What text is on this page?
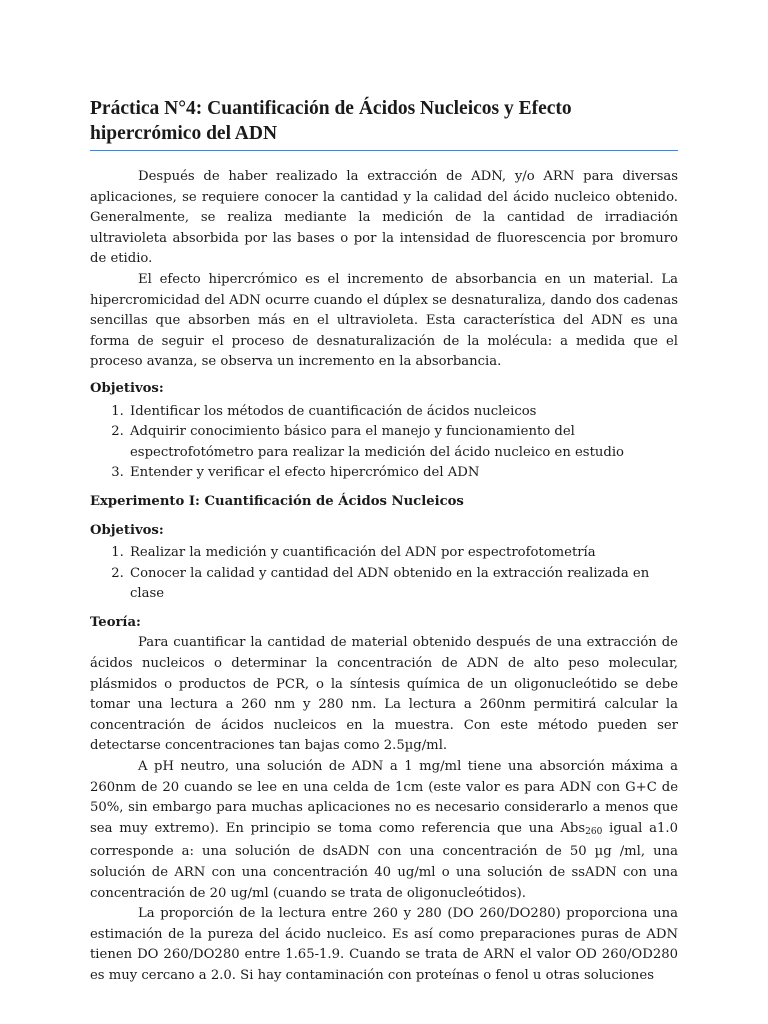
Práctica N°4: Cuantificación de Ácidos Nucleicos y Efecto hipercrómico del ADN

Después de haber realizado la extracción de ADN, y/o ARN para diversas aplicaciones, se requiere conocer la cantidad y la calidad del ácido nucleico obtenido. Generalmente, se realiza mediante la medición de la cantidad de irradiación ultravioleta absorbida por las bases o por la intensidad de fluorescencia por bromuro de etidio.

El efecto hipercrómico es el incremento de absorbancia en un material. La hipercromicidad del ADN ocurre cuando el dúplex se desnaturaliza, dando dos cadenas sencillas que absorben más en el ultravioleta. Esta característica del ADN es una forma de seguir el proceso de desnaturalización de la molécula: a medida que el proceso avanza, se observa un incremento en la absorbancia.

Objetivos:
1. Identificar los métodos de cuantificación de ácidos nucleicos
2. Adquirir conocimiento básico para el manejo y funcionamiento del espectrofotómetro para realizar la medición del ácido nucleico en estudio
3. Entender y verificar el efecto hipercrómico del ADN
Experimento I: Cuantificación de Ácidos Nucleicos
Objetivos:
1. Realizar la medición y cuantificación del ADN por espectrofotometría
2. Conocer la calidad y cantidad del ADN obtenido en la extracción realizada en clase
Teoría:

Para cuantificar la cantidad de material obtenido después de una extracción de ácidos nucleicos o determinar la concentración de ADN de alto peso molecular, plásmidos o productos de PCR, o la síntesis química de un oligonucleótido se debe tomar una lectura a 260 nm y 280 nm. La lectura a 260nm permitirá calcular la concentración de ácidos nucleicos en la muestra. Con este método pueden ser detectarse concentraciones tan bajas como 2.5µg/ml.

A pH neutro, una solución de ADN a 1 mg/ml tiene una absorción máxima a 260nm de 20 cuando se lee en una celda de 1cm (este valor es para ADN con G+C de 50%, sin embargo para muchas aplicaciones no es necesario considerarlo a menos que sea muy extremo). En principio se toma como referencia que una Abs$_{260}$ igual a1.0 corresponde a: una solución de dsADN con una concentración de 50 µg /ml, una solución de ARN con una concentración 40 ug/ml o una solución de ssADN con una concentración de 20 ug/ml (cuando se trata de oligonucleótidos).

La proporción de la lectura entre 260 y 280 (DO 260/DO280) proporciona una estimación de la pureza del ácido nucleico. Es así como preparaciones puras de ADN tienen DO 260/DO280 entre 1.65-1.9. Cuando se trata de ARN el valor OD 260/OD280 es muy cercano a 2.0. Si hay contaminación con proteínas o fenol u otras soluciones
